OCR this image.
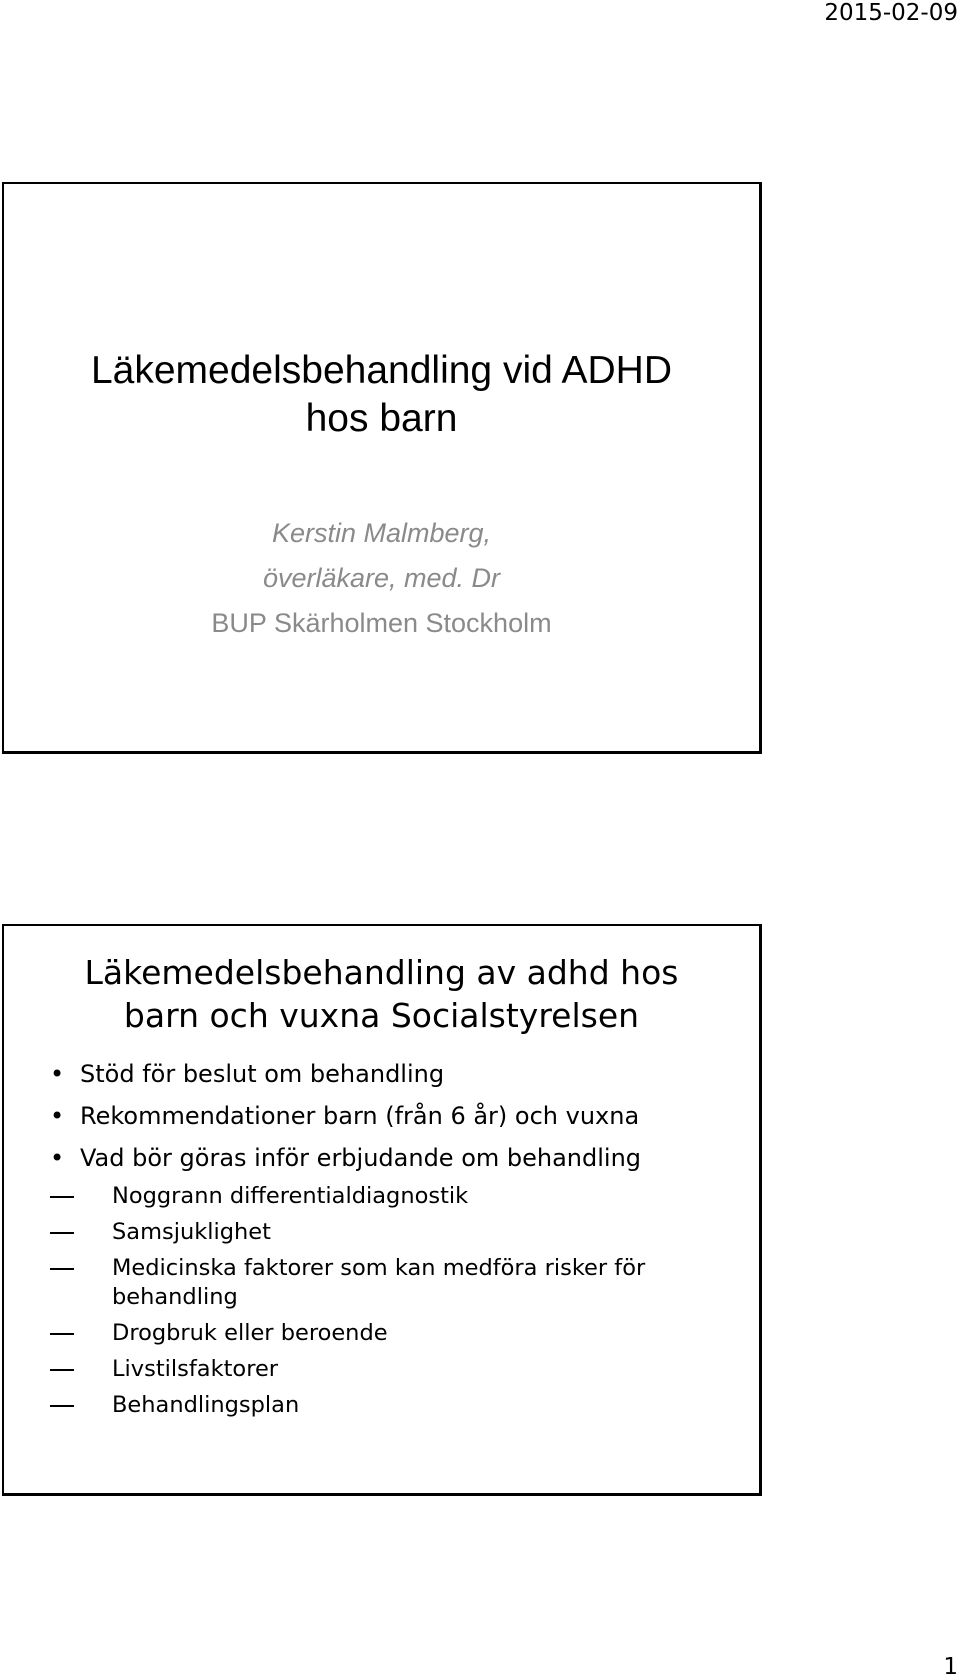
2015-02-09
Läkemedelsbehandling vid ADHD
hos barn
Kerstin Malmberg,
överläkare, med. Dr
BUP Skärholmen Stockholm
Läkemedelsbehandling av adhd hos
barn och vuxna Socialstyrelsen
• Stöd för beslut om behandling
• Rekommendationer barn (från 6 år) och vuxna
• Vad bör göras inför erbjudande om behandling
Noggrann differentialdiagnostik
Samsjuklighet
Medicinska faktorer som kan medföra risker för behandling
Drogbruk eller beroende
Livstilsfaktorer
Behandlingsplan
1
